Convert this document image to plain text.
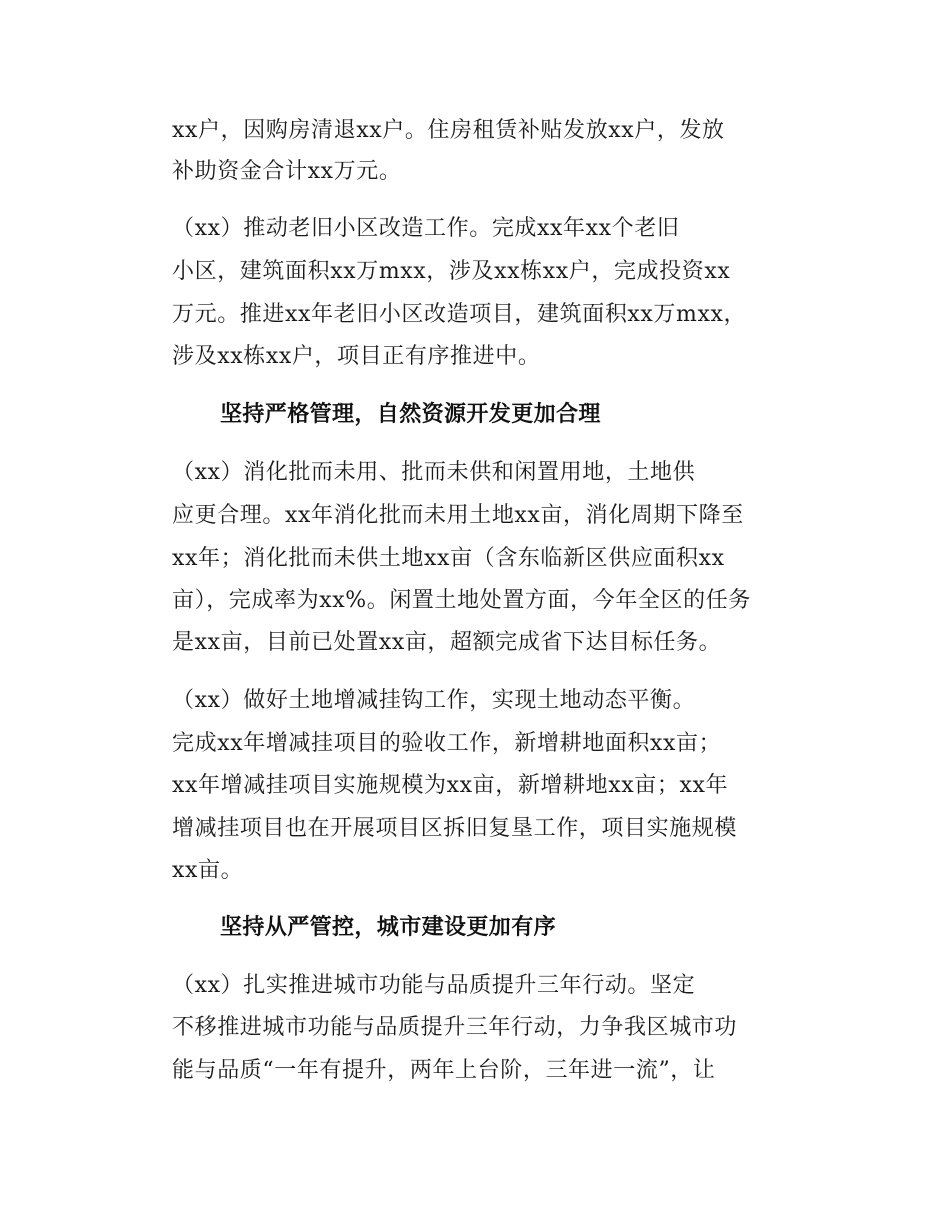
xx户，因购房清退xx户。住房租赁补贴发放xx户，发放
补助资金合计xx万元。
（xx）推动老旧小区改造工作。完成xx年xx个老旧
小区，建筑面积xx万mxx，涉及xx栋xx户，完成投资xx
万元。推进xx年老旧小区改造项目，建筑面积xx万mxx，
涉及xx栋xx户，项目正有序推进中。
坚持严格管理，自然资源开发更加合理
（xx）消化批而未用、批而未供和闲置用地，土地供
应更合理。xx年消化批而未用土地xx亩，消化周期下降至
xx年；消化批而未供土地xx亩（含东临新区供应面积xx
亩），完成率为xx%。闲置土地处置方面，今年全区的任务
是xx亩，目前已处置xx亩，超额完成省下达目标任务。
（xx）做好土地增减挂钩工作，实现土地动态平衡。
完成xx年增减挂项目的验收工作，新增耕地面积xx亩；
xx年增减挂项目实施规模为xx亩，新增耕地xx亩；xx年
增减挂项目也在开展项目区拆旧复垦工作，项目实施规模
xx亩。
坚持从严管控，城市建设更加有序
（xx）扎实推进城市功能与品质提升三年行动。坚定
不移推进城市功能与品质提升三年行动，力争我区城市功
能与品质“一年有提升，两年上台阶，三年进一流”，让
